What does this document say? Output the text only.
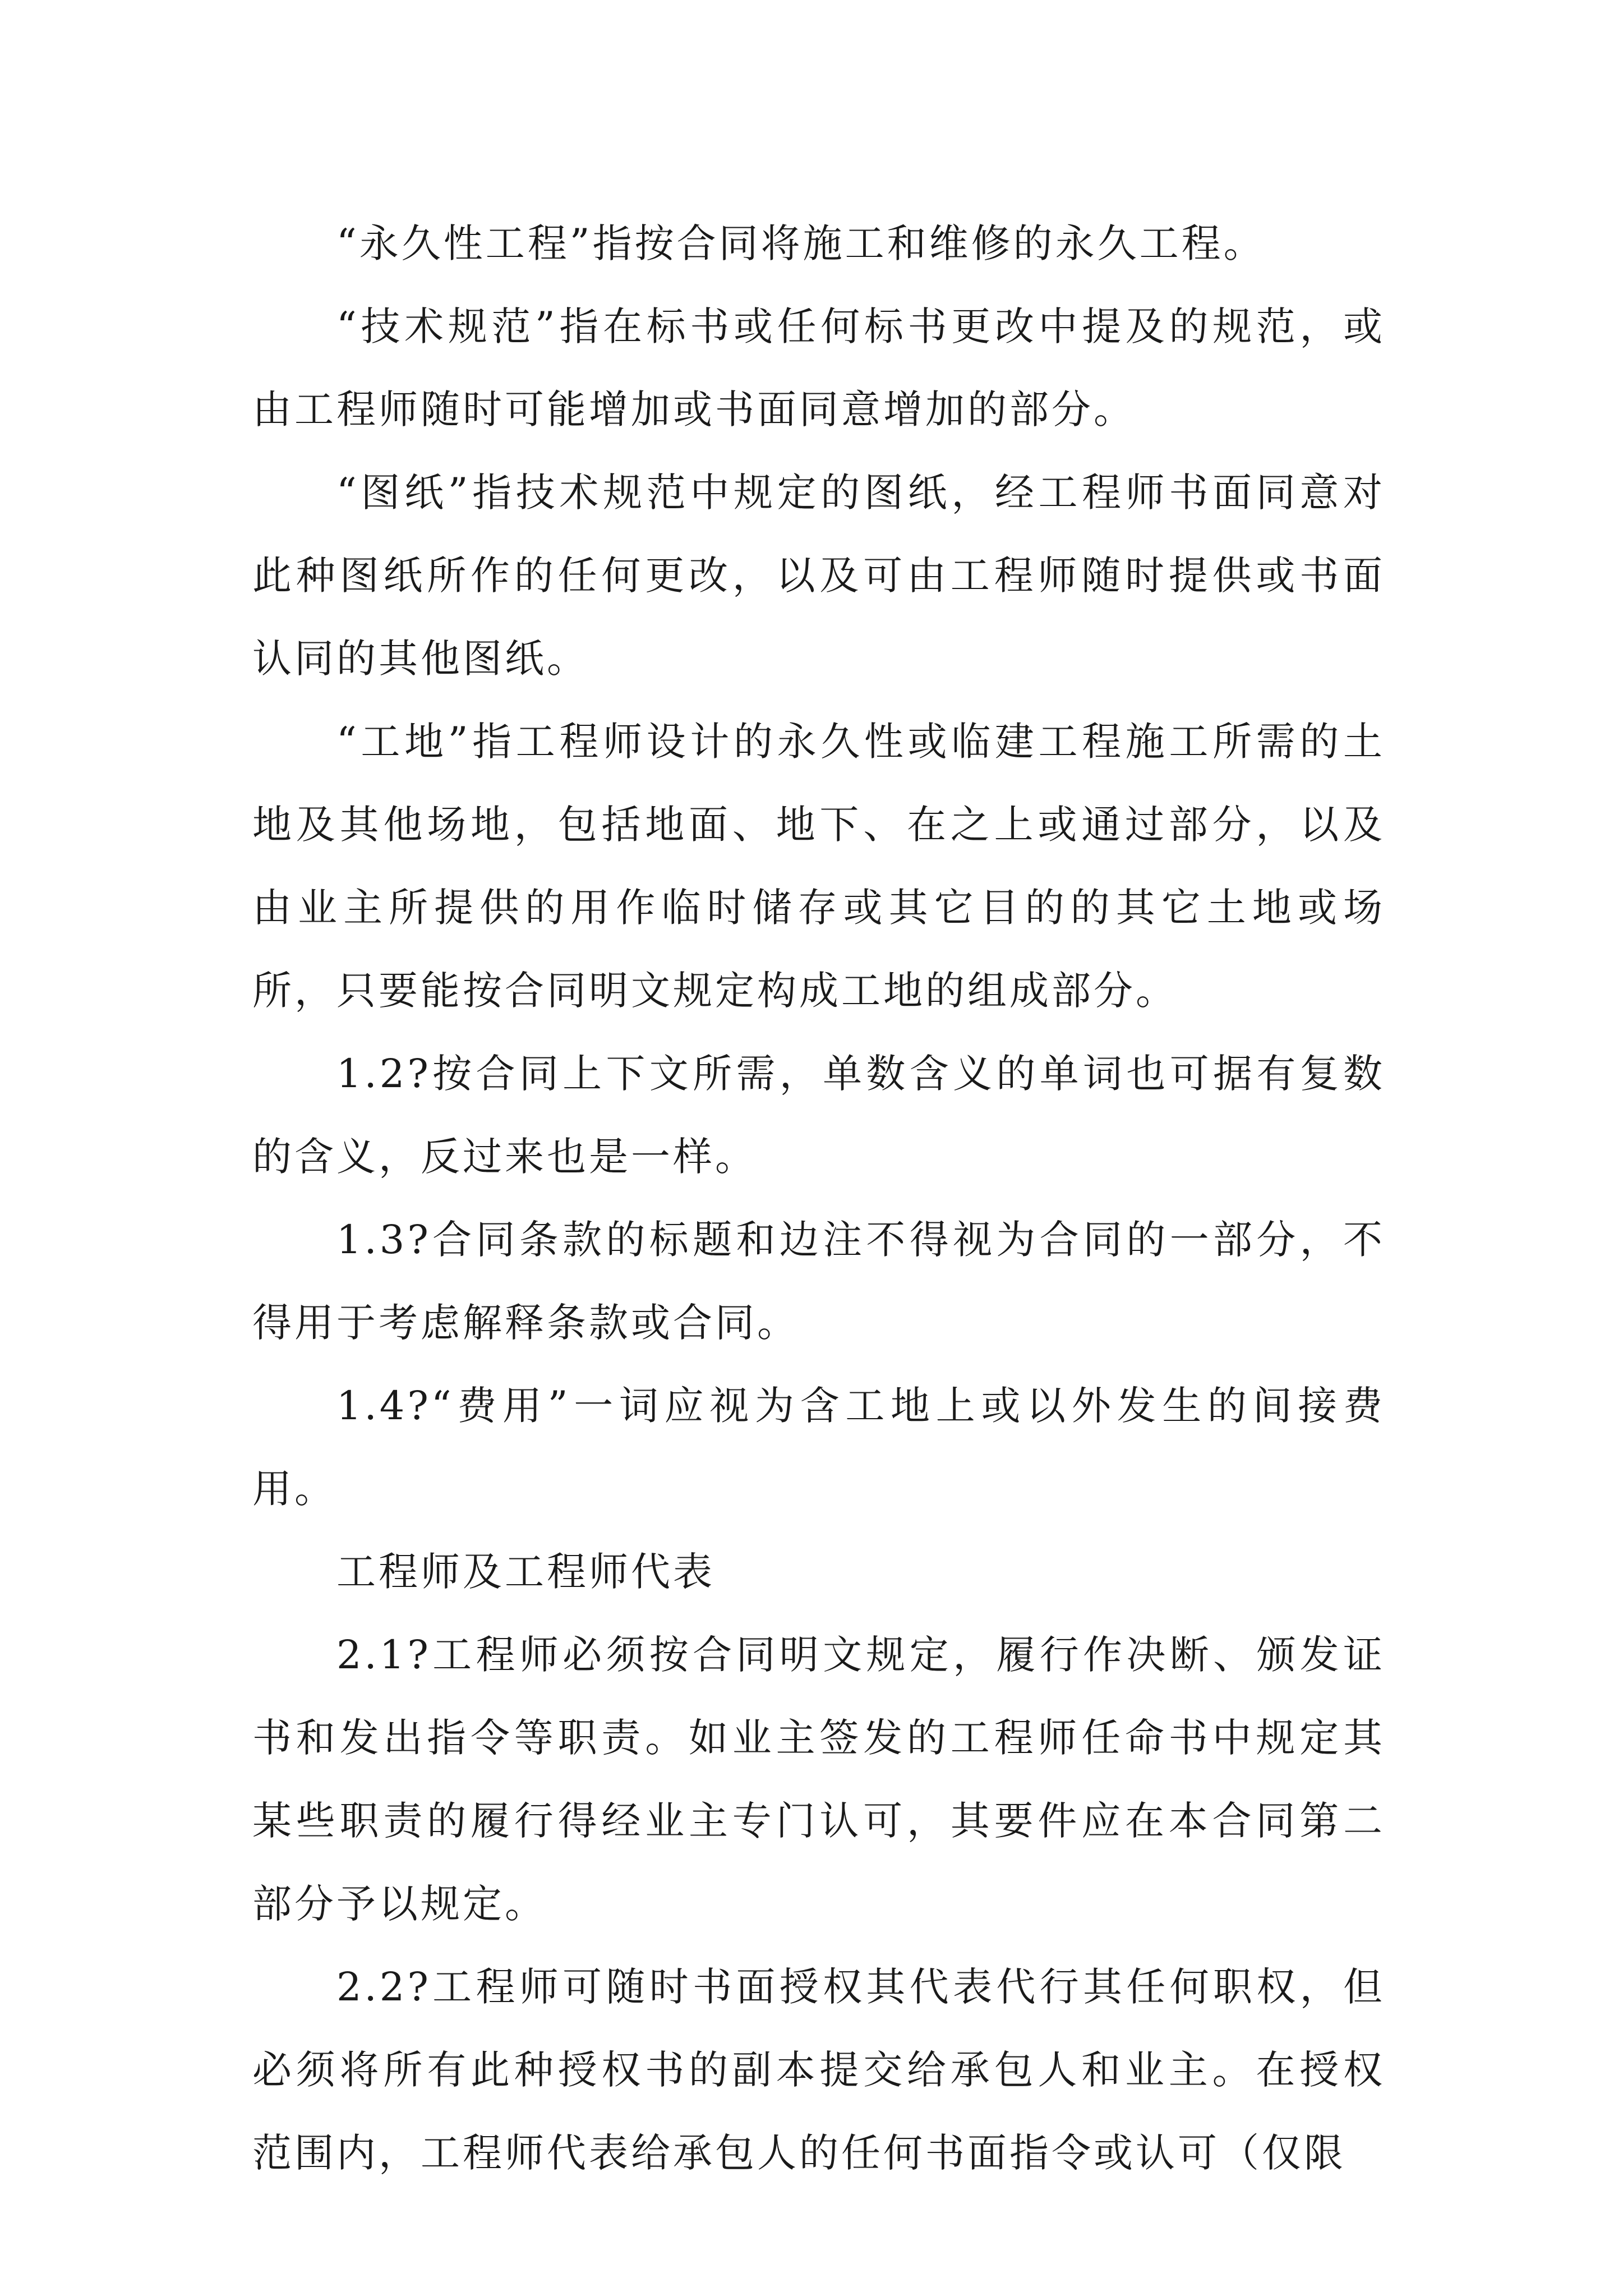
“永久性工程”指按合同将施工和维修的永久工程。

“技术规范”指在标书或任何标书更改中提及的规范，或由工程师随时可能增加或书面同意增加的部分。

“图纸”指技术规范中规定的图纸，经工程师书面同意对此种图纸所作的任何更改，以及可由工程师随时提供或书面认同的其他图纸。

“工地”指工程师设计的永久性或临建工程施工所需的土地及其他场地，包括地面、地下、在之上或通过部分，以及由业主所提供的用作临时储存或其它目的的其它土地或场所，只要能按合同明文规定构成工地的组成部分。

1.2?按合同上下文所需，单数含义的单词也可据有复数的含义，反过来也是一样。

1.3?合同条款的标题和边注不得视为合同的一部分，不得用于考虑解释条款或合同。

1.4?“费用”一词应视为含工地上或以外发生的间接费用。

工程师及工程师代表

2.1?工程师必须按合同明文规定，履行作决断、颁发证书和发出指令等职责。如业主签发的工程师任命书中规定其某些职责的履行得经业主专门认可，其要件应在本合同第二部分予以规定。

2.2?工程师可随时书面授权其代表代行其任何职权，但必须将所有此种授权书的副本提交给承包人和业主。在授权范围内，工程师代表给承包人的任何书面指令或认可（仅限
